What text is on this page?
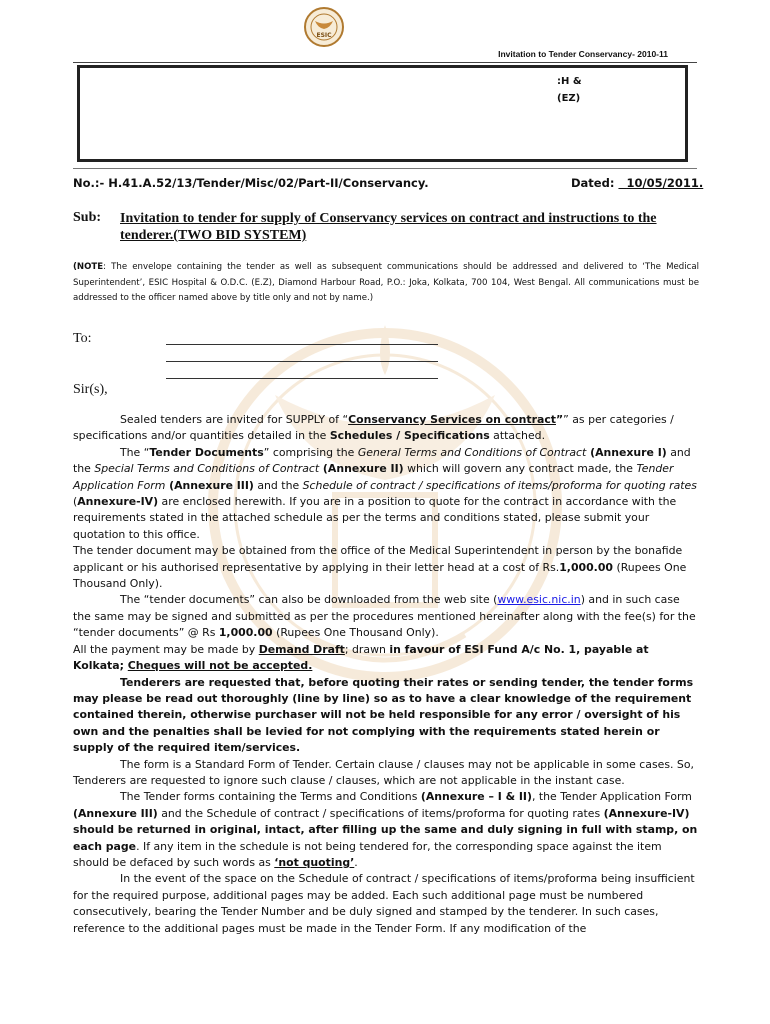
ESIC
Invitation to Tender Conservancy- 2010-11
:H &
(EZ)
No.:- H.41.A.52/13/Tender/Misc/02/Part-II/Conservancy.	Dated: 10/05/2011.
Sub: Invitation to tender for supply of Conservancy services on contract and instructions to the tenderer.(TWO BID SYSTEM)
(NOTE: The envelope containing the tender as well as subsequent communications should be addressed and delivered to ‘The Medical Superintendent’, ESIC Hospital & O.D.C. (E.Z), Diamond Harbour Road, P.O.: Joka, Kolkata, 700 104, West Bengal. All communications must be addressed to the officer named above by title only and not by name.)
To:
Sir(s),

Sealed tenders are invited for SUPPLY of “Conservancy Services on contract”” as per categories / specifications and/or quantities detailed in the Schedules / Specifications attached.

The “Tender Documents” comprising the General Terms and Conditions of Contract (Annexure I) and the Special Terms and Conditions of Contract (Annexure II) which will govern any contract made, the Tender Application Form (Annexure III) and the Schedule of contract / specifications of items/proforma for quoting rates (Annexure-IV) are enclosed herewith. If you are in a position to quote for the contract in accordance with the requirements stated in the attached schedule as per the terms and conditions stated, please submit your quotation to this office.

The tender document may be obtained from the office of the Medical Superintendent in person by the bonafide applicant or his authorised representative by applying in their letter head at a cost of Rs.1,000.00 (Rupees One Thousand Only).

The “tender documents” can also be downloaded from the web site (www.esic.nic.in) and in such case the same may be signed and submitted as per the procedures mentioned hereinafter along with the fee(s) for the “tender documents” @ Rs 1,000.00 (Rupees One Thousand Only).

All the payment may be made by Demand Draft; drawn in favour of ESI Fund A/c No. 1, payable at Kolkata; Cheques will not be accepted.

Tenderers are requested that, before quoting their rates or sending tender, the tender forms may please be read out thoroughly (line by line) so as to have a clear knowledge of the requirement contained therein, otherwise purchaser will not be held responsible for any error / oversight of his own and the penalties shall be levied for not complying with the requirements stated herein or supply of the required item/services.

The form is a Standard Form of Tender. Certain clause / clauses may not be applicable in some cases. So, Tenderers are requested to ignore such clause / clauses, which are not applicable in the instant case.

The Tender forms containing the Terms and Conditions (Annexure – I & II), the Tender Application Form (Annexure III) and the Schedule of contract / specifications of items/proforma for quoting rates (Annexure-IV) should be returned in original, intact, after filling up the same and duly signing in full with stamp, on each page. If any item in the schedule is not being tendered for, the corresponding space against the item should be defaced by such words as ‘not quoting’.

In the event of the space on the Schedule of contract / specifications of items/proforma being insufficient for the required purpose, additional pages may be added. Each such additional page must be numbered consecutively, bearing the Tender Number and be duly signed and stamped by the tenderer. In such cases, reference to the additional pages must be made in the Tender Form. If any modification of the
